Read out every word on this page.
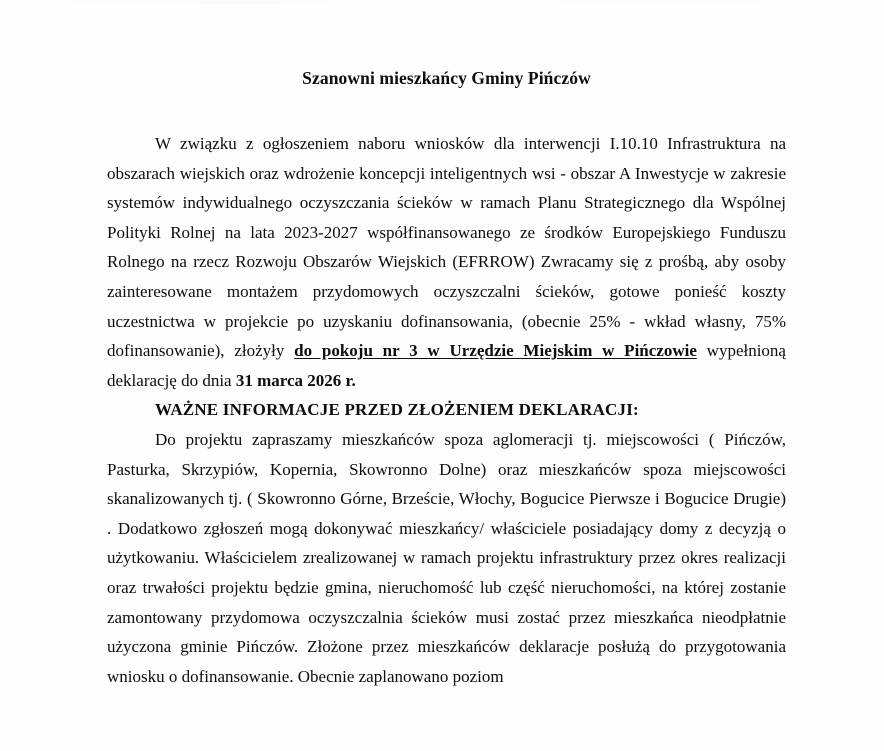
Szanowni mieszkańcy Gminy Pińczów

W związku z ogłoszeniem naboru wniosków dla interwencji I.10.10 Infrastruktura na obszarach wiejskich oraz wdrożenie koncepcji inteligentnych wsi - obszar A Inwestycje w zakresie systemów indywidualnego oczyszczania ścieków w ramach Planu Strategicznego dla Wspólnej Polityki Rolnej na lata 2023-2027 współfinansowanego ze środków Europejskiego Funduszu Rolnego na rzecz Rozwoju Obszarów Wiejskich (EFRROW) Zwracamy się z prośbą, aby osoby zainteresowane montażem przydomowych oczyszczalni ścieków, gotowe ponieść koszty uczestnictwa w projekcie po uzyskaniu dofinansowania, (obecnie 25% - wkład własny, 75% dofinansowanie), złożyły do pokoju nr 3 w Urzędzie Miejskim w Pińczowie wypełnioną deklarację do dnia 31 marca 2026 r.

WAŻNE INFORMACJE PRZED ZŁOŻENIEM DEKLARACJI:

Do projektu zapraszamy mieszkańców spoza aglomeracji tj. miejscowości ( Pińczów, Pasturka, Skrzypiów, Kopernia, Skowronno Dolne) oraz mieszkańców spoza miejscowości skanalizowanych tj. ( Skowronno Górne, Brzeście, Włochy, Bogucice Pierwsze i Bogucice Drugie) . Dodatkowo zgłoszeń mogą dokonywać mieszkańcy/ właściciele posiadający domy z decyzją o użytkowaniu. Właścicielem zrealizowanej w ramach projektu infrastruktury przez okres realizacji oraz trwałości projektu będzie gmina, nieruchomość lub część nieruchomości, na której zostanie zamontowany przydomowa oczyszczalnia ścieków musi zostać przez mieszkańca nieodpłatnie użyczona gminie Pińczów. Złożone przez mieszkańców deklaracje posłużą do przygotowania wniosku o dofinansowanie. Obecnie zaplanowano poziom
